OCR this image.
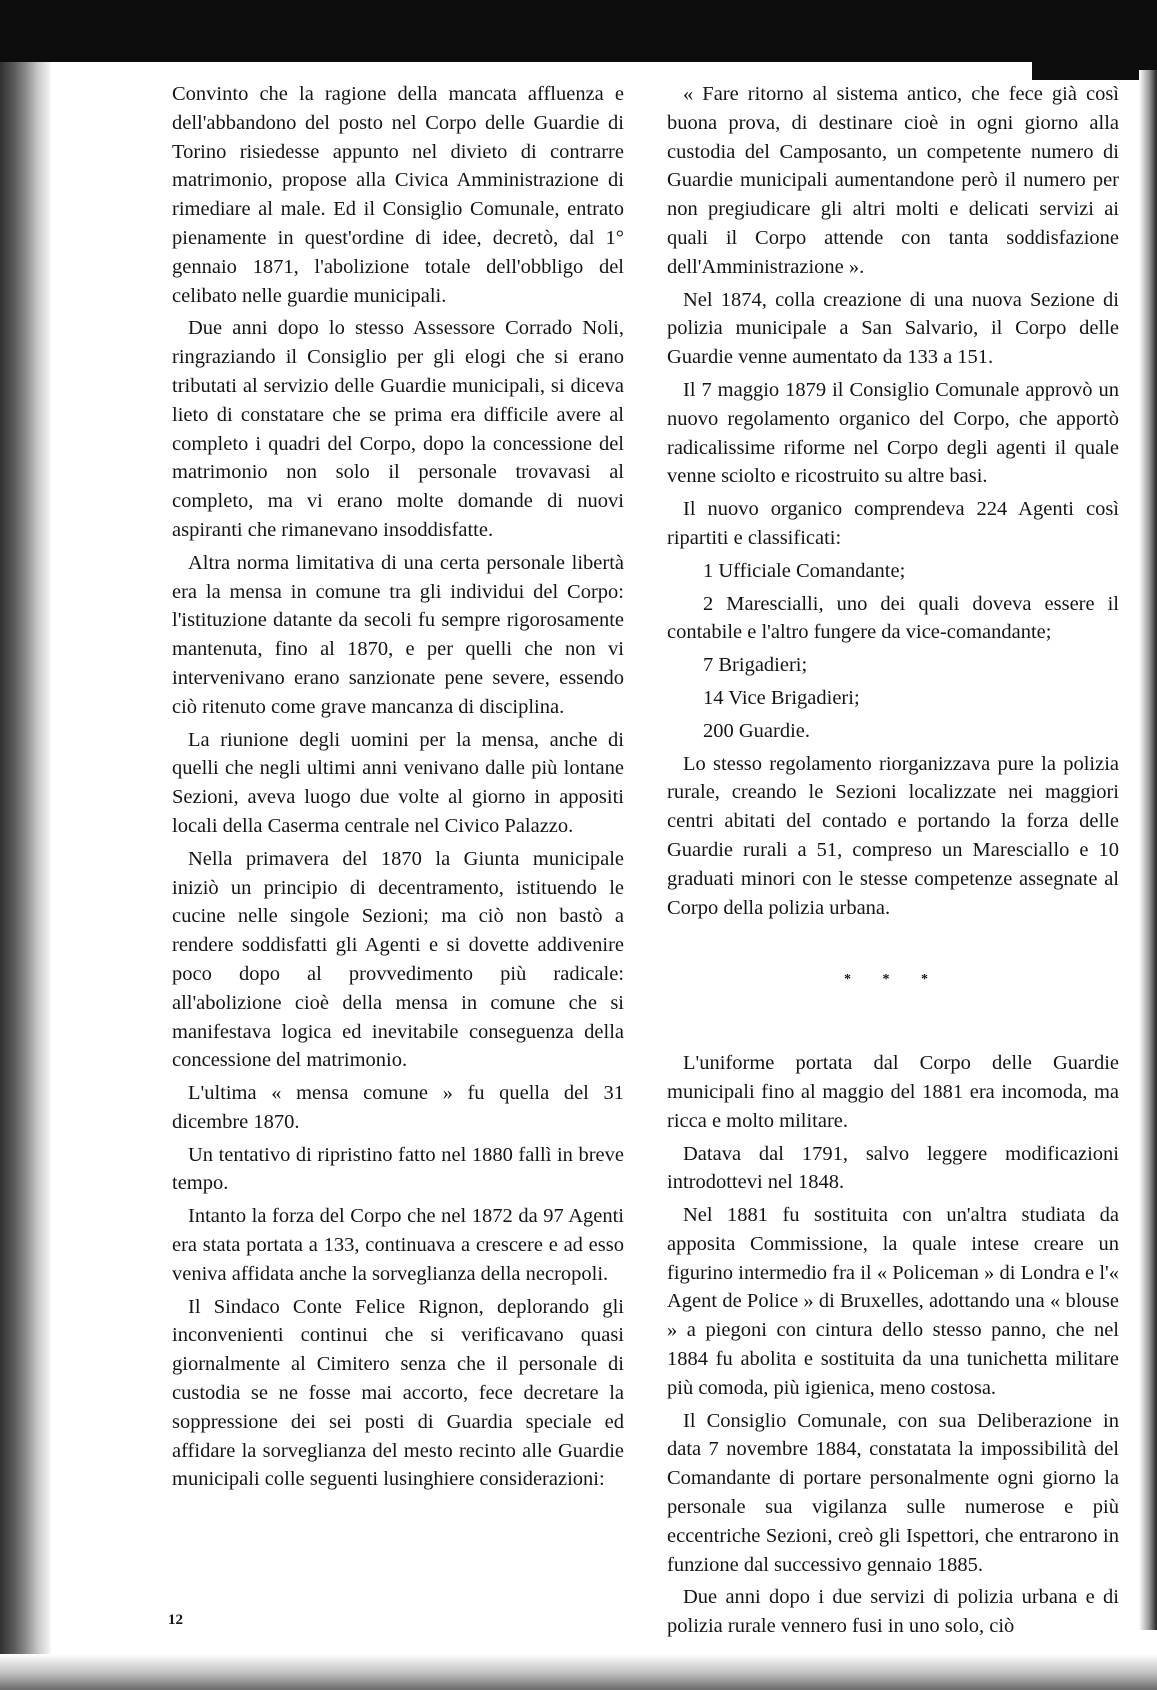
Convinto che la ragione della mancata affluenza e dell'abbandono del posto nel Corpo delle Guardie di Torino risiedesse appunto nel divieto di contrarre matrimonio, propose alla Civica Amministrazione di rimediare al male. Ed il Consiglio Comunale, entrato pienamente in quest'ordine di idee, decretò, dal 1° gennaio 1871, l'abolizione totale dell'obbligo del celibato nelle guardie municipali.

Due anni dopo lo stesso Assessore Corrado Noli, ringraziando il Consiglio per gli elogi che si erano tributati al servizio delle Guardie municipali, si diceva lieto di constatare che se prima era difficile avere al completo i quadri del Corpo, dopo la concessione del matrimonio non solo il personale trovavasi al completo, ma vi erano molte domande di nuovi aspiranti che rimanevano insoddisfatte.

Altra norma limitativa di una certa personale libertà era la mensa in comune tra gli individui del Corpo: l'istituzione datante da secoli fu sempre rigorosamente mantenuta, fino al 1870, e per quelli che non vi intervenivano erano sanzionate pene severe, essendo ciò ritenuto come grave mancanza di disciplina.

La riunione degli uomini per la mensa, anche di quelli che negli ultimi anni venivano dalle più lontane Sezioni, aveva luogo due volte al giorno in appositi locali della Caserma centrale nel Civico Palazzo.

Nella primavera del 1870 la Giunta municipale iniziò un principio di decentramento, istituendo le cucine nelle singole Sezioni; ma ciò non bastò a rendere soddisfatti gli Agenti e si dovette addivenire poco dopo al provvedimento più radicale: all'abolizione cioè della mensa in comune che si manifestava logica ed inevitabile conseguenza della concessione del matrimonio.

L'ultima « mensa comune » fu quella del 31 dicembre 1870.

Un tentativo di ripristino fatto nel 1880 fallì in breve tempo.

Intanto la forza del Corpo che nel 1872 da 97 Agenti era stata portata a 133, continuava a crescere e ad esso veniva affidata anche la sorveglianza della necropoli.

Il Sindaco Conte Felice Rignon, deplorando gli inconvenienti continui che si verificavano quasi giornalmente al Cimitero senza che il personale di custodia se ne fosse mai accorto, fece decretare la soppressione dei sei posti di Guardia speciale ed affidare la sorveglianza del mesto recinto alle Guardie municipali colle seguenti lusinghiere considerazioni:

« Fare ritorno al sistema antico, che fece già così buona prova, di destinare cioè in ogni giorno alla custodia del Camposanto, un competente numero di Guardie municipali aumentandone però il numero per non pregiudicare gli altri molti e delicati servizi ai quali il Corpo attende con tanta soddisfazione dell'Amministrazione ».

Nel 1874, colla creazione di una nuova Sezione di polizia municipale a San Salvario, il Corpo delle Guardie venne aumentato da 133 a 151.

Il 7 maggio 1879 il Consiglio Comunale approvò un nuovo regolamento organico del Corpo, che apportò radicalissime riforme nel Corpo degli agenti il quale venne sciolto e ricostruito su altre basi.

Il nuovo organico comprendeva 224 Agenti così ripartiti e classificati:

1 Ufficiale Comandante;
2 Marescialli, uno dei quali doveva essere il contabile e l'altro fungere da vice-comandante;
7 Brigadieri;
14 Vice Brigadieri;
200 Guardie.

Lo stesso regolamento riorganizzava pure la polizia rurale, creando le Sezioni localizzate nei maggiori centri abitati del contado e portando la forza delle Guardie rurali a 51, compreso un Maresciallo e 10 graduati minori con le stesse competenze assegnate al Corpo della polizia urbana.

* * *

L'uniforme portata dal Corpo delle Guardie municipali fino al maggio del 1881 era incomoda, ma ricca e molto militare.

Datava dal 1791, salvo leggere modificazioni introdottevi nel 1848.

Nel 1881 fu sostituita con un'altra studiata da apposita Commissione, la quale intese creare un figurino intermedio fra il « Policeman » di Londra e l'« Agent de Police » di Bruxelles, adottando una « blouse » a piegoni con cintura dello stesso panno, che nel 1884 fu abolita e sostituita da una tunichetta militare più comoda, più igienica, meno costosa.

Il Consiglio Comunale, con sua Deliberazione in data 7 novembre 1884, constatata la impossibilità del Comandante di portare personalmente ogni giorno la personale sua vigilanza sulle numerose e più eccentriche Sezioni, creò gli Ispettori, che entrarono in funzione dal successivo gennaio 1885.

Due anni dopo i due servizi di polizia urbana e di polizia rurale vennero fusi in uno solo, ciò

12
